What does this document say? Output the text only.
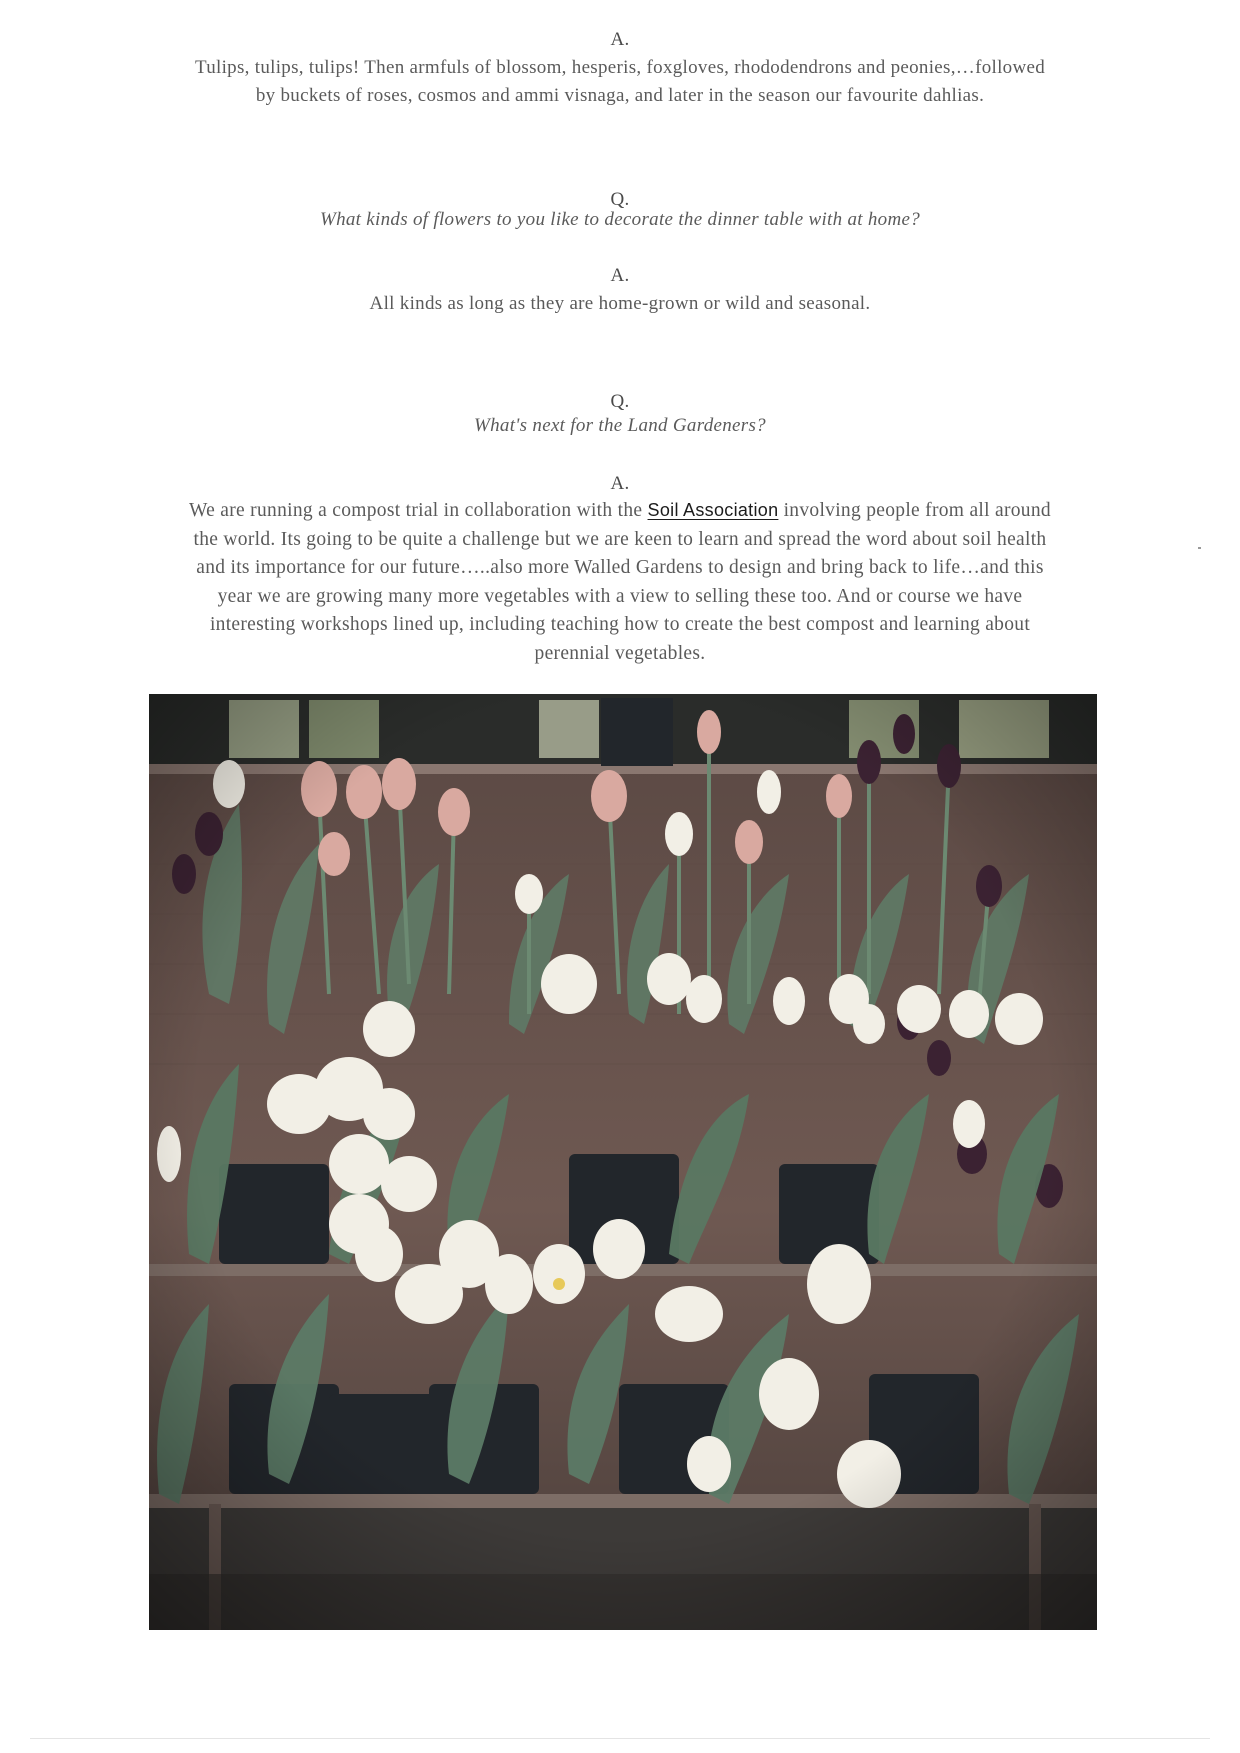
A.
Tulips, tulips, tulips! Then armfuls of blossom, hesperis, foxgloves, rhododendrons and peonies,…followed
by buckets of roses, cosmos and ammi visnaga, and later in the season our favourite dahlias.
Q.
What kinds of flowers to you like to decorate the dinner table with at home?
A.
All kinds as long as they are home-grown or wild and seasonal.
Q.
What's next for the Land Gardeners?
A.
We are running a compost trial in collaboration with the Soil Association involving people from all around
the world. Its going to be quite a challenge but we are keen to learn and spread the word about soil health
and its importance for our future…..also more Walled Gardens to design and bring back to life…and this
year we are growing many more vegetables with a view to selling these too. And or course we have
interesting workshops lined up, including teaching how to create the best compost and learning about
perennial vegetables.
